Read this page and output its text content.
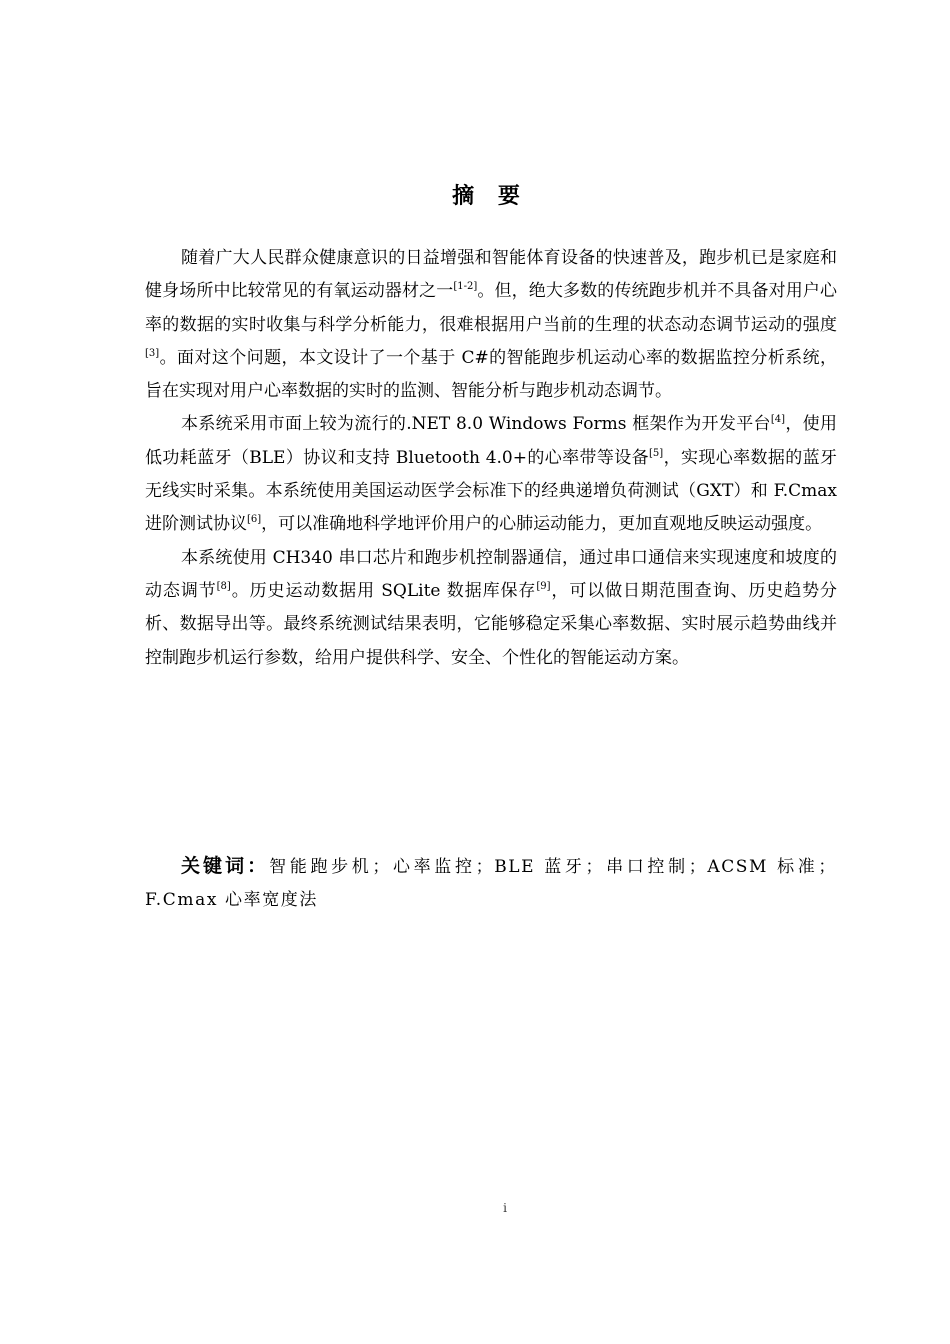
摘 要

随着广大人民群众健康意识的日益增强和智能体育设备的快速普及，跑步机已是家庭和健身场所中比较常见的有氧运动器材之一[1-2]。但，绝大多数的传统跑步机并不具备对用户心率的数据的实时收集与科学分析能力，很难根据用户当前的生理的状态动态调节运动的强度[3]。面对这个问题，本文设计了一个基于 C#的智能跑步机运动心率的数据监控分析系统，旨在实现对用户心率数据的实时的监测、智能分析与跑步机动态调节。

本系统采用市面上较为流行的.NET 8.0 Windows Forms 框架作为开发平台[4]，使用低功耗蓝牙（BLE）协议和支持 Bluetooth 4.0+的心率带等设备[5]，实现心率数据的蓝牙无线实时采集。本系统使用美国运动医学会标准下的经典递增负荷测试（GXT）和 F.Cmax 进阶测试协议[6]，可以准确地科学地评价用户的心肺运动能力，更加直观地反映运动强度。

本系统使用 CH340 串口芯片和跑步机控制器通信，通过串口通信来实现速度和坡度的动态调节[8]。历史运动数据用 SQLite 数据库保存[9]，可以做日期范围查询、历史趋势分析、数据导出等。最终系统测试结果表明，它能够稳定采集心率数据、实时展示趋势曲线并控制跑步机运行参数，给用户提供科学、安全、个性化的智能运动方案。

关键词：智能跑步机；心率监控；BLE 蓝牙；串口控制；ACSM 标准；F.Cmax 心率宽度法
i
